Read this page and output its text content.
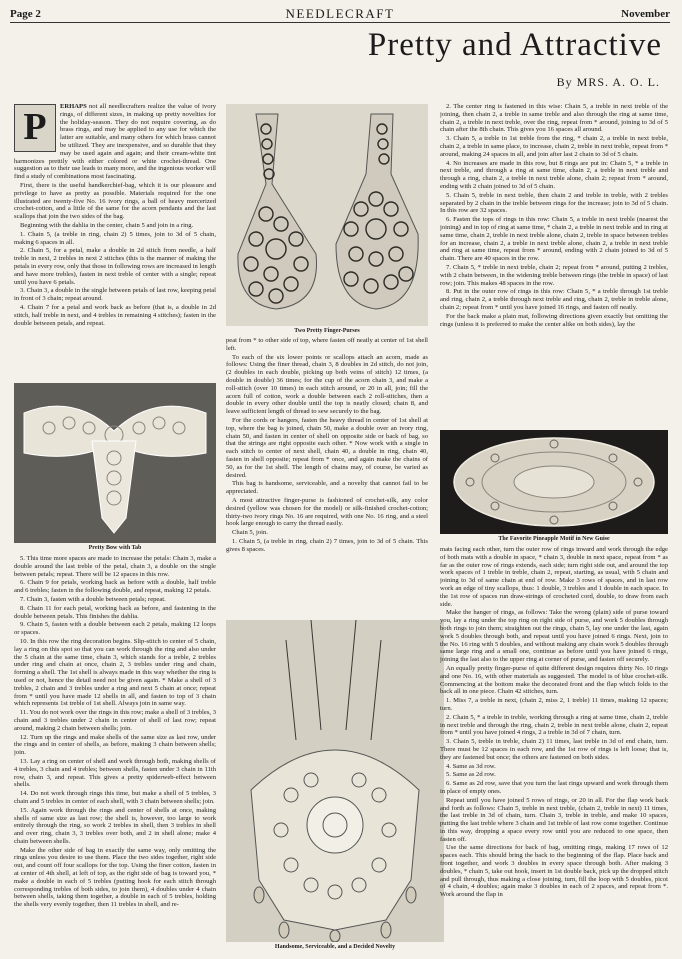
Page 2	NEEDLECRAFT	November
Pretty and Attractive
By MRS. A. O. L.
P	ERHAPS not all needlecrafters realize the value of ivory rings, of different sizes, in making up pretty novelties for the holiday-season. They do not require covering, as do brass rings, and may be applied to any use for which the latter are suitable, and many others for which brass cannot be utilized. They are inexpensive, and so durable that they may be used again and again; and their cream-white tint harmonizes prettily with either colored or white crochet-thread. One suggestion as to their use leads to many more, and the ingenious worker will find a study of combinations most fascinating.

First, there is the useful handkerchief-bag, which it is our pleasure and privilege to have as pretty as possible. Materials required for the one illustrated are twenty-five No. 16 ivory rings, a ball of heavy mercerized crochet-cotton, and a little of the same for the acorn pendants and the last scallops that join the two sides of the bag.

Beginning with the dahlia in the center, chain 5 and join in a ring.

1. Chain 5, (a treble in ring, chain 2) 5 times, join to 3d of 5 chain, making 6 spaces in all.

2. Chain 5, for a petal, make a double in 2d stitch from needle, a half treble in next, 2 trebles in next 2 stitches (this is the manner of making the petals in every row, only that those in following rows are increased in length and have more trebles), fasten in next treble of center with a single; repeat until you have 6 petals.

3. Chain 3, a double in the single between petals of last row, keeping petal in front of 3 chain; repeat around.

4. Chain 7 for a petal and work back as before (that is, a double in 2d stitch, half treble in next, and 4 trebles in remaining 4 stitches); fasten in the double between petals, and repeat.

Pretty Bow with Tab

5. This time more spaces are made to increase the petals: Chain 3, make a double around the last treble of the petal, chain 3, a double on the single between petals; repeat. There will be 12 spaces in this row.

6. Chain 9 for petals, working back as before with a double, half treble and 6 trebles; fasten in the following double, and repeat, making 12 petals.

7. Chain 3, fasten with a double between petals; repeat.

8. Chain 11 for each petal, working back as before, and fastening in the double between petals. This finishes the dahlia.

9. Chain 5, fasten with a double between each 2 petals, making 12 loops or spaces.

10. In this row the ring decoration begins. Slip-stitch to center of 5 chain, lay a ring on this spot so that you can work through the ring and also under the 5 chain at the same time, chain 3, which stands for a treble, 2 trebles under ring and chain at once, chain 2, 3 trebles under ring and chain, forming a shell. The 1st shell is always made in this way whether the ring is used or not, hence the detail need not be given again. * Make a shell of 3 trebles, 2 chain and 3 trebles under a ring and next 5 chain at once; repeat from * until you have made 12 shells in all, and fasten to top of 3 chain which represents 1st treble of 1st shell. Always join in same way.

11. You do not work over the rings in this row; make a shell of 3 trebles, 3 chain and 3 trebles under 2 chain in center of shell of last row; repeat around, making 2 chain between shells; join.

12. Turn up the rings and make shells of the same size as last row, under the rings and in center of shells, as before, making 3 chain between shells; join.

13. Lay a ring on center of shell and work through both, making shells of 4 trebles, 3 chain and 4 trebles; between shells, fasten under 3 chain in 11th row, chain 3, and repeat. This gives a pretty spiderweb-effect between shells.

14. Do not work through rings this time, but make a shell of 5 trebles, 3 chain and 5 trebles in center of each shell, with 3 chain between shells; join.

15. Again work through the rings and center of shells at once, making shells of same size as last row; the shell is, however, too large to work entirely through the ring, so work 2 trebles in shell, then 3 trebles in shell and over ring, chain 3, 3 trebles over both, and 2 in shell alone; make 4 chain between shells.

Make the other side of bag in exactly the same way, only omitting the rings unless you desire to use them. Place the two sides together, right side out, and count off four scallops for the top. Using the finer cotton, fasten in at center of 4th shell, at left of top, as the right side of bag is toward you, * make a double in each of 5 trebles (putting hook for each stitch through corresponding trebles of both sides, to join them), 4 doubles under 4 chain between shells, taking them together, a double in each of 5 trebles, holding the shells very evenly together, then 11 trebles in shell, and re-

Two Pretty Finger-Purses

peat from * to other side of top, where fasten off neatly at center of 1st shell left.

To each of the six lower points or scallops attach an acorn, made as follows: Using the finer thread, chain 3, 8 doubles in 2d stitch, do not join, (2 doubles in each double, picking up both veins of stitch) 12 times, (a double in double) 36 times; for the cup of the acorn chain 3, and make a roll-stitch (over 10 times) in each stitch around, or 20 in all, join; fill the acorn full of cotton, work a double between each 2 roll-stitches, then a double in every other double until the top is neatly closed; chain 8, and leave sufficient length of thread to sew securely to the bag.

For the cords or hangers, fasten the heavy thread in center of 1st shell at top, where the bag is joined, chain 50, make a double over an ivory ring, chain 50, and fasten in center of shell on opposite side or back of bag, so that the strings are right opposite each other. * Now work with a single in each stitch to center of next shell, chain 40, a double in ring, chain 40, fasten in shell opposite; repeat from * once, and again make the chains of 50, as for the 1st shell. The length of chains may, of course, be varied as desired.

This bag is handsome, serviceable, and a novelty that cannot fail to be appreciated.

A most attractive finger-purse is fashioned of crochet-silk, any color desired (yellow was chosen for the model) or silk-finished crochet-cotton; thirty-two ivory rings No. 16 are required, with one No. 16 ring, and a steel hook large enough to carry the thread easily.

Chain 5, join.

1. Chain 5, (a treble in ring, chain 2) 7 times, join to 3d of 5 chain. This gives 8 spaces.

Handsome, Serviceable, and a Decided Novelty

2. The center ring is fastened in this wise: Chain 5, a treble in next treble of the joining, then chain 2, a treble in same treble and also through the ring at same time, chain 2, a treble in next treble, over the ring, repeat from * around, joining to 3d of 5 chain after the 8th chain. This gives you 16 spaces all around.

3. Chain 5, a treble in 1st treble from the ring, * chain 2, a treble in next treble, chain 2, a treble in same place, to increase, chain 2, treble in next treble, repeat from * around, making 24 spaces in all, and join after last 2 chain to 3d of 5 chain.

4. No increases are made in this row, but 8 rings are put in: Chain 5, * a treble in next treble, and through a ring at same time, chain 2, a treble in next treble and through a ring, chain 2, a treble in next treble alone, chain 2; repeat from * around, ending with 2 chain joined to 3d of 5 chain.

5. Chain 5, treble in next treble, then chain 2 and treble in treble, with 2 trebles separated by 2 chain in the treble between rings for the increase; join to 3d of 5 chain. In this row are 32 spaces.

6. Fasten the tops of rings in this row: Chain 5, a treble in next treble (nearest the joining) and in top of ring at same time, * chain 2, a treble in next treble and in ring at same time, chain 2, treble in next treble alone, chain 2, treble in space between trebles for an increase, chain 2, a treble in next treble alone, chain 2, a treble in next treble and ring at same time, repeat from * around, ending with 2 chain joined to 3d of 5 chain. There are 40 spaces in the row.

7. Chain 5, * treble in next treble, chain 2; repeat from * around, putting 2 trebles, with 2 chain between, in the widening treble between rings (the treble in space) of last row; join. This makes 48 spaces in the row.

8. Put in the outer row of rings in this row: Chain 5, * a treble through 1st treble and ring, chain 2, a treble through next treble and ring, chain 2, treble in treble alone, chain 2; repeat from * until you have joined 16 rings, and fasten off neatly.

For the back make a plain mat, following directions given exactly but omitting the rings (unless it is preferred to make the center alike on both sides), lay the

The Favorite Pineapple Motif in New Guise

mats facing each other, turn the outer row of rings inward and work through the edge of both mats with a double in space, * chain 3, double in next space, repeat from * as far as the outer row of rings extends, each side; turn right side out, and around the top work spaces of 1 treble in treble, chain 2, repeat, starting, as usual, with 5 chain and joining to 3d of same chain at end of row. Make 3 rows of spaces, and in last row work an edge of tiny scallops, thus: 1 double, 3 trebles and 1 double in each space. In the 1st row of spaces run draw-strings of crocheted cord, double, to draw from each side.

Make the hanger of rings, as follows: Take the wrong (plain) side of purse toward you, lay a ring under the top ring on right side of purse, and work 5 doubles through both rings to join them; straighten out the rings, chain 5, lay one under the last, again work 5 doubles through both, and repeat until you have joined 6 rings. Next, join to the No. 16 ring with 5 doubles, and without making any chain work 5 doubles through same large ring and a small one, continue as before until you have joined 6 rings, joining the last also to the upper ring at corner of purse, and fasten off securely.

An equally pretty finger-purse of quite different design requires thirty No. 10 rings and one No. 16, with other materials as suggested. The model is of blue crochet-silk. Commencing at the bottom make the decorated front and the flap which folds to the back all in one piece. Chain 42 stitches, turn.

1. Miss 7, a treble in next, (chain 2, miss 2, 1 treble) 11 times, making 12 spaces; turn.

2. Chain 5, * a treble in treble, working through a ring at same time, chain 2, treble in next treble and through the ring, chain 2, treble in next treble alone, chain 2, repeat from * until you have joined 4 rings, 2 a treble in 3d of 7 chain, turn.

3. Chain 5, treble in treble, chain 2) 11 times, last treble in 3d of end chain, turn. There must be 12 spaces in each row, and the 1st row of rings is left loose; that is, they are fastened but once; the others are fastened on both sides.

4. Same as 3d row.

5. Same as 2d row.

6. Same as 2d row, save that you turn the last rings upward and work through them in place of empty ones.

Repeat until you have joined 5 rows of rings, or 20 in all. For the flap work back and forth as follows: Chain 5, treble in next treble, (chain 2, treble in next) 11 times, the last treble in 3d of chain, turn. Chain 3, treble in treble, and make 10 spaces, putting the last treble where 3 chain and 1st treble of last row come together. Continue in this way, dropping a space every row until you are reduced to one space, then fasten off.

Use the same directions for back of bag, omitting rings, making 17 rows of 12 spaces each. This should bring the back to the beginning of the flap. Place back and front together, and work 3 doubles in every space through both. After making 3 doubles, * chain 5, take out hook, insert in 1st double back, pick up the dropped stitch and pull through, thus making a close joining, turn, fill the loop with 5 doubles, picot of 4 chain, 4 doubles; again make 3 doubles in each of 2 spaces, and repeat from *. Work around the flap in
